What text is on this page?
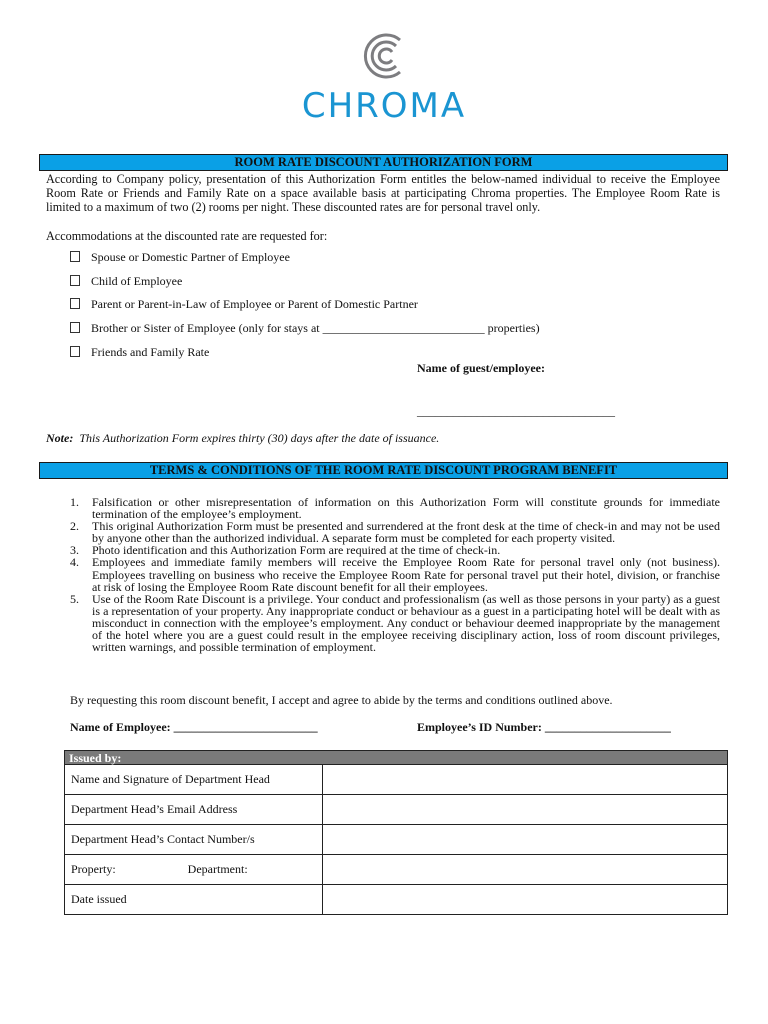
CHROMA
ROOM RATE DISCOUNT AUTHORIZATION FORM
According to Company policy, presentation of this Authorization Form entitles the below-named individual to receive the Employee Room Rate or Friends and Family Rate on a space available basis at participating Chroma properties. The Employee Room Rate is limited to a maximum of two (2) rooms per night. These discounted rates are for personal travel only.
Accommodations at the discounted rate are requested for:
Spouse or Domestic Partner of Employee
Child of Employee
Parent or Parent-in-Law of Employee or Parent of Domestic Partner
Brother or Sister of Employee (only for stays at ___________________________ properties)
Friends and Family Rate
Name of guest/employee:
_________________________________
Note: This Authorization Form expires thirty (30) days after the date of issuance.
TERMS & CONDITIONS OF THE ROOM RATE DISCOUNT PROGRAM BENEFIT

1. Falsification or other misrepresentation of information on this Authorization Form will constitute grounds for immediate termination of the employee’s employment.

2. This original Authorization Form must be presented and surrendered at the front desk at the time of check-in and may not be used by anyone other than the authorized individual. A separate form must be completed for each property visited.

3. Photo identification and this Authorization Form are required at the time of check-in.

4. Employees and immediate family members will receive the Employee Room Rate for personal travel only (not business). Employees travelling on business who receive the Employee Room Rate for personal travel put their hotel, division, or franchise at risk of losing the Employee Room Rate discount benefit for all their employees.

5. Use of the Room Rate Discount is a privilege. Your conduct and professionalism (as well as those persons in your party) as a guest is a representation of your property. Any inappropriate conduct or behaviour as a guest in a participating hotel will be dealt with as misconduct in connection with the employee’s employment. Any conduct or behaviour deemed inappropriate by the management of the hotel where you are a guest could result in the employee receiving disciplinary action, loss of room discount privileges, written warnings, and possible termination of employment.

By requesting this room discount benefit, I accept and agree to abide by the terms and conditions outlined above.
Name of Employee: ________________________	Employee’s ID Number: _____________________
Issued by:	
Name and Signature of Department Head	
Department Head’s Email Address	
Department Head’s Contact Number/s	
Property: Department:	
Date issued	
